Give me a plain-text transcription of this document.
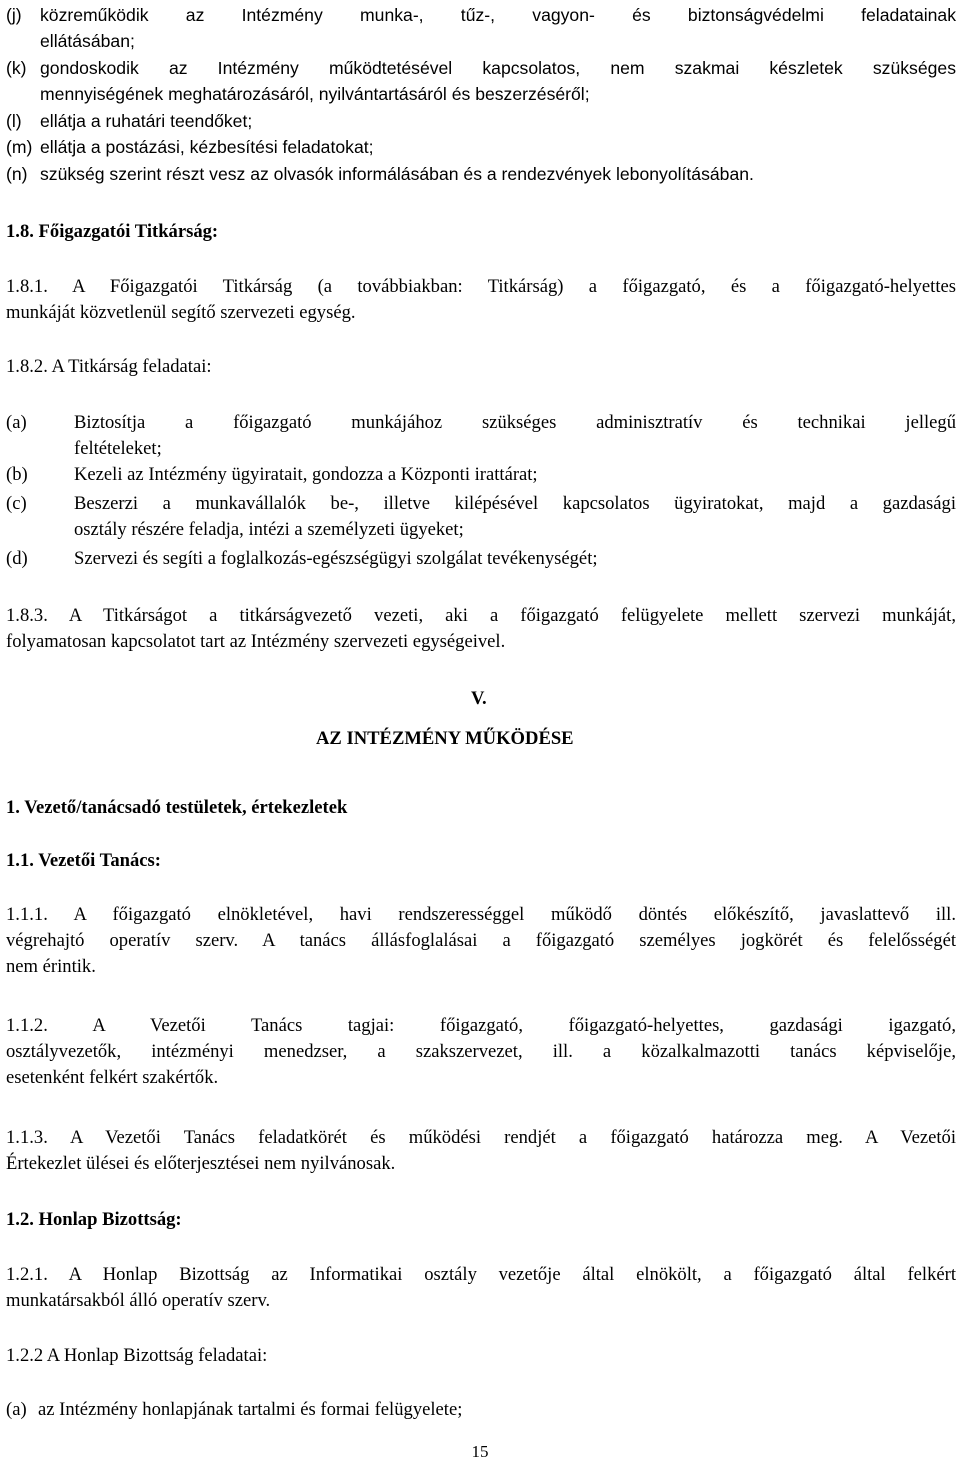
(j) közreműködik az Intézmény munka-, tűz-, vagyon- és biztonságvédelmi feladatainak
ellátásában;
(k) gondoskodik az Intézmény működtetésével kapcsolatos, nem szakmai készletek szükséges
mennyiségének meghatározásáról, nyilvántartásáról és beszerzéséről;
(l) ellátja a ruhatári teendőket;
(m) ellátja a postázási, kézbesítési feladatokat;
(n) szükség szerint részt vesz az olvasók informálásában és a rendezvények lebonyolításában.
1.8. Főigazgatói Titkárság:
1.8.1. A Főigazgatói Titkárság (a továbbiakban: Titkárság) a főigazgató, és a főigazgató-helyettes
munkáját közvetlenül segítő szervezeti egység.
1.8.2. A Titkárság feladatai:
(a)	Biztosítja a főigazgató munkájához szükséges adminisztratív és technikai jellegű
feltételeket;
(b) Kezeli az Intézmény ügyiratait, gondozza a Központi irattárat;
(c)	Beszerzi a munkavállalók be-, illetve kilépésével kapcsolatos ügyiratokat, majd a gazdasági
osztály részére feladja, intézi a személyzeti ügyeket;
(d) Szervezi és segíti a foglalkozás-egészségügyi szolgálat tevékenységét;
1.8.3. A Titkárságot a titkárságvezető vezeti, aki a főigazgató felügyelete mellett szervezi munkáját,
folyamatosan kapcsolatot tart az Intézmény szervezeti egységeivel.
V.
AZ INTÉZMÉNY MŰKÖDÉSE
1. Vezető/tanácsadó testületek, értekezletek
1.1. Vezetői Tanács:
1.1.1. A főigazgató elnökletével, havi rendszerességgel működő döntés előkészítő, javaslattevő ill.
végrehajtó operatív szerv. A tanács állásfoglalásai a főigazgató személyes jogkörét és felelősségét
nem érintik.
1.1.2. A Vezetői Tanács tagjai: főigazgató, főigazgató-helyettes, gazdasági igazgató,
osztályvezetők, intézményi menedzser, a szakszervezet, ill. a közalkalmazotti tanács képviselője,
esetenként felkért szakértők.
1.1.3. A Vezetői Tanács feladatkörét és működési rendjét a főigazgató határozza meg. A Vezetői
Értekezlet ülései és előterjesztései nem nyilvánosak.
1.2. Honlap Bizottság:
1.2.1. A Honlap Bizottság az Informatikai osztály vezetője által elnökölt, a főigazgató által felkért
munkatársakból álló operatív szerv.
1.2.2 A Honlap Bizottság feladatai:
(a) az Intézmény honlapjának tartalmi és formai felügyelete;
15
